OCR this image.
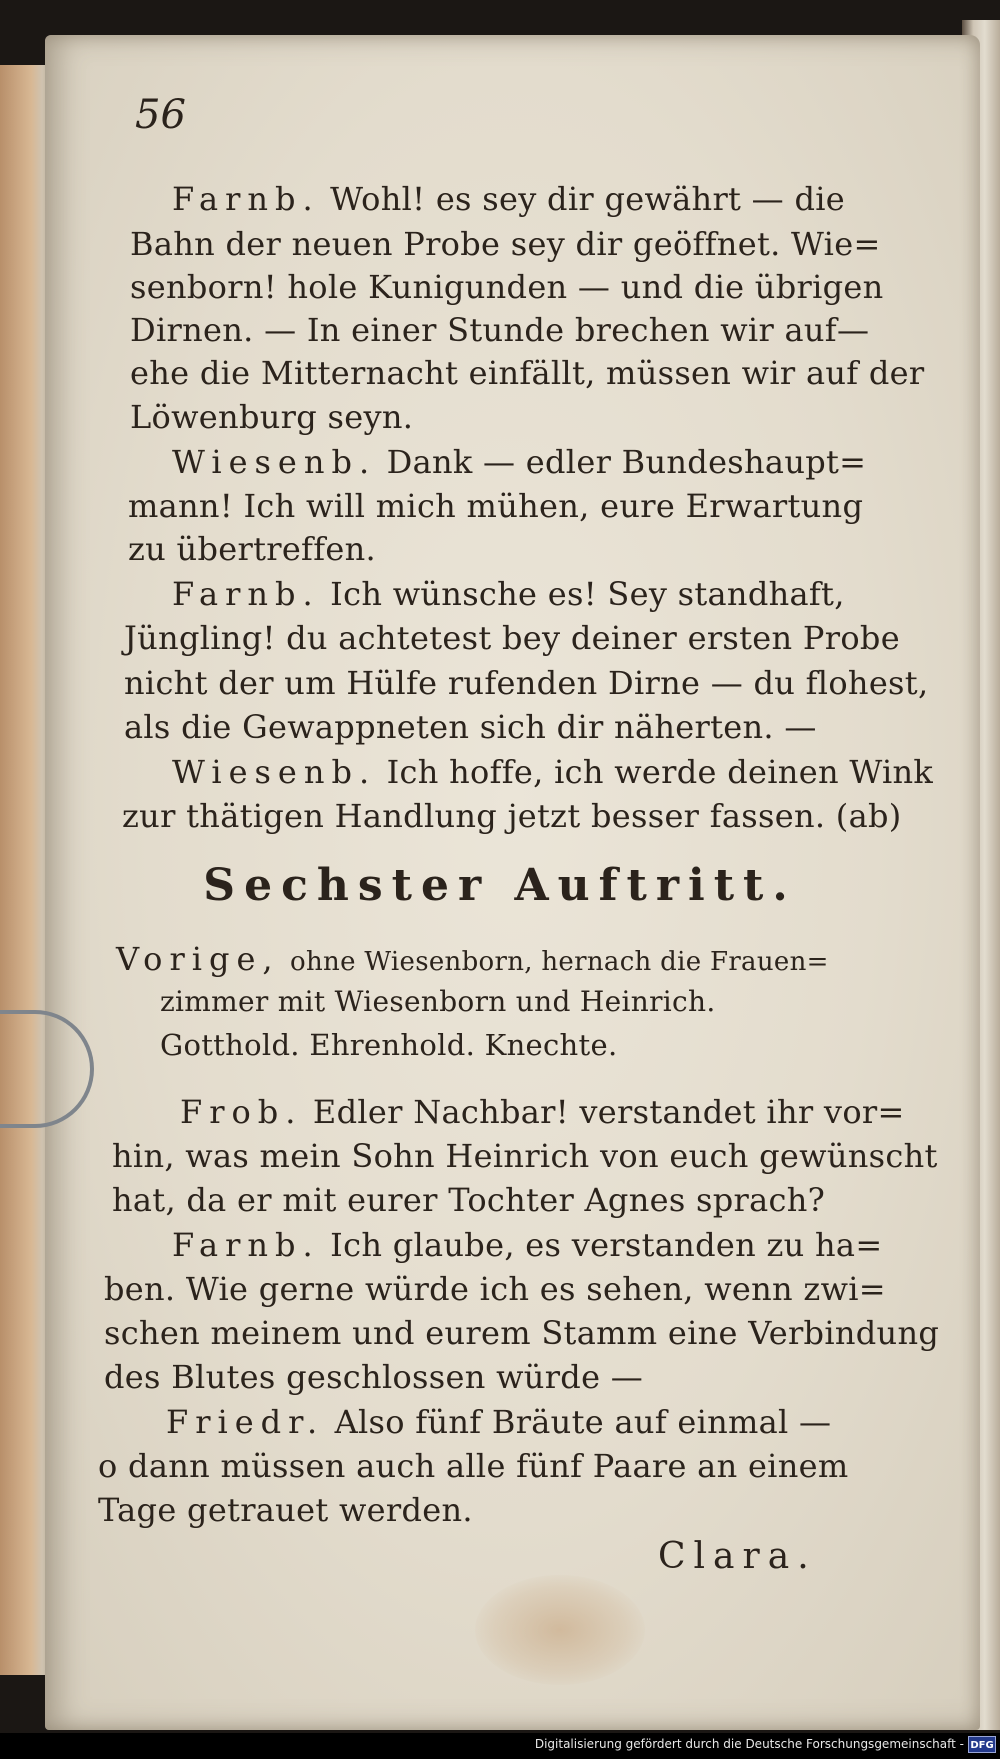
56
Farnb. Wohl! es sey dir gewährt — die
Bahn der neuen Probe sey dir geöffnet. Wie=
senborn! hole Kunigunden — und die übrigen
Dirnen. — In einer Stunde brechen wir auf—
ehe die Mitternacht einfällt, müssen wir auf der
Löwenburg seyn.
Wiesenb. Dank — edler Bundeshaupt=
mann! Ich will mich mühen, eure Erwartung
zu übertreffen.
Farnb. Ich wünsche es! Sey standhaft,
Jüngling! du achtetest bey deiner ersten Probe
nicht der um Hülfe rufenden Dirne — du flohest,
als die Gewappneten sich dir näherten. —
Wiesenb. Ich hoffe, ich werde deinen Wink
zur thätigen Handlung jetzt besser fassen. (ab)
Sechster Auftritt.
Vorige, ohne Wiesenborn, hernach die Frauen=
zimmer mit Wiesenborn und Heinrich.
Gotthold. Ehrenhold. Knechte.
Frob. Edler Nachbar! verstandet ihr vor=
hin, was mein Sohn Heinrich von euch gewünscht
hat, da er mit eurer Tochter Agnes sprach?
Farnb. Ich glaube, es verstanden zu ha=
ben. Wie gerne würde ich es sehen, wenn zwi=
schen meinem und eurem Stamm eine Verbindung
des Blutes geschlossen würde —
Friedr. Also fünf Bräute auf einmal —
o dann müssen auch alle fünf Paare an einem
Tage getrauet werden.
Clara.
Digitalisierung gefördert durch die Deutsche Forschungsgemeinschaft - DFG
